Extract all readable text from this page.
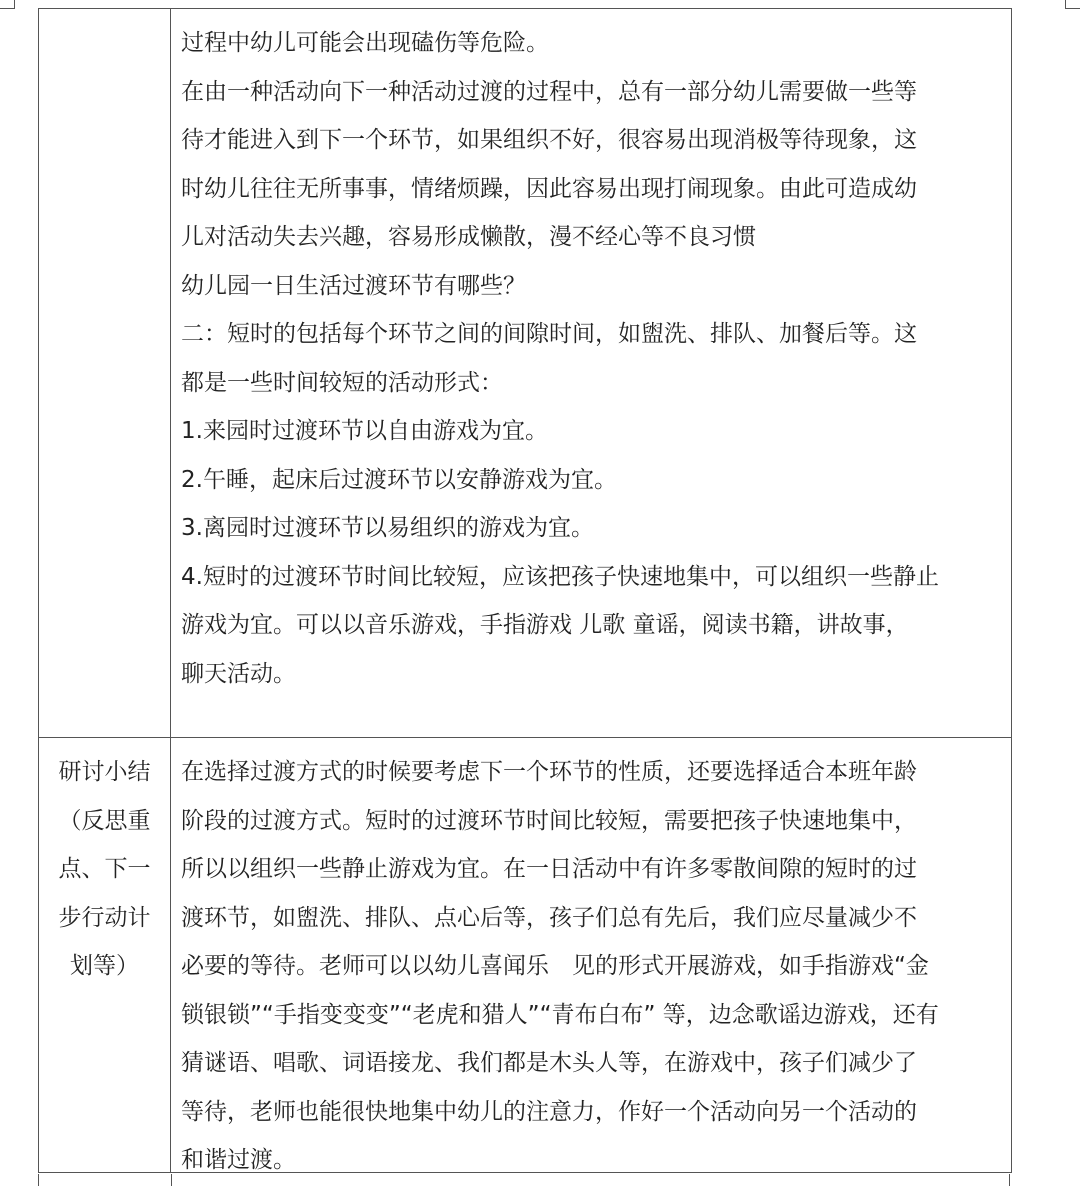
过程中幼儿可能会出现磕伤等危险。
在由一种活动向下一种活动过渡的过程中，总有一部分幼儿需要做一些等
待才能进入到下一个环节，如果组织不好，很容易出现消极等待现象，这
时幼儿往往无所事事，情绪烦躁，因此容易出现打闹现象。由此可造成幼
儿对活动失去兴趣，容易形成懒散，漫不经心等不良习惯
幼儿园一日生活过渡环节有哪些？
二：短时的包括每个环节之间的间隙时间，如盥洗、排队、加餐后等。这
都是一些时间较短的活动形式：
1.来园时过渡环节以自由游戏为宜。
2.午睡，起床后过渡环节以安静游戏为宜。
3.离园时过渡环节以易组织的游戏为宜。
4.短时的过渡环节时间比较短，应该把孩子快速地集中，可以组织一些静止
游戏为宜。可以以音乐游戏，手指游戏 儿歌 童谣，阅读书籍，讲故事，
聊天活动。
研讨小结
（反思重
点、下一
步行动计
划等）
在选择过渡方式的时候要考虑下一个环节的性质，还要选择适合本班年龄
阶段的过渡方式。短时的过渡环节时间比较短，需要把孩子快速地集中，
所以以组织一些静止游戏为宜。在一日活动中有许多零散间隙的短时的过
渡环节，如盥洗、排队、点心后等，孩子们总有先后，我们应尽量减少不
必要的等待。老师可以以幼儿喜闻乐　见的形式开展游戏，如手指游戏“金
锁银锁”“手指变变变”“老虎和猎人”“青布白布” 等，边念歌谣边游戏，还有
猜谜语、唱歌、词语接龙、我们都是木头人等，在游戏中，孩子们减少了
等待，老师也能很快地集中幼儿的注意力，作好一个活动向另一个活动的
和谐过渡。
